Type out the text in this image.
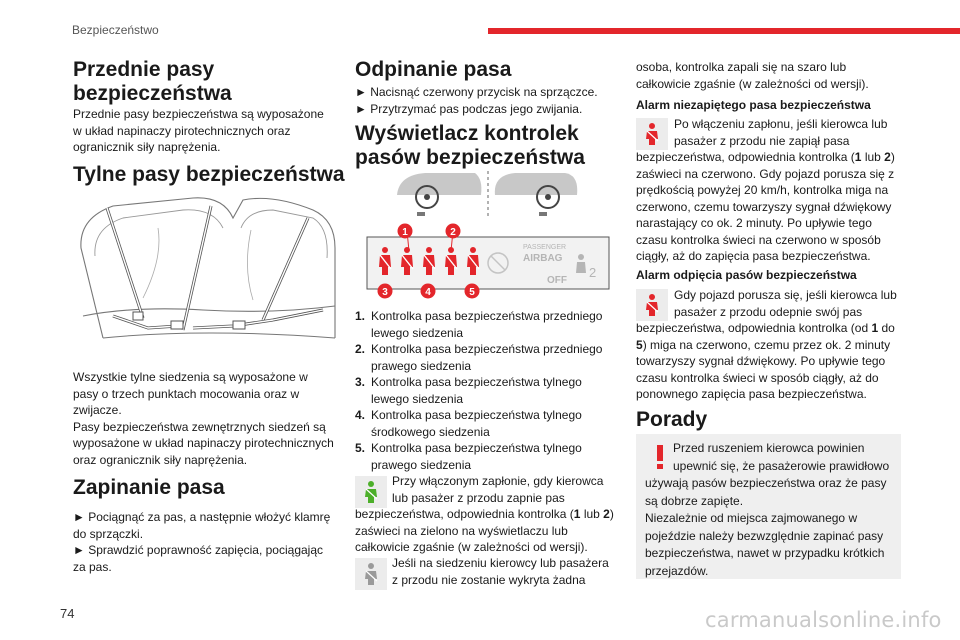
Bezpieczeństwo
Przednie pasy
bezpieczeństwa

Przednie pasy bezpieczeństwa są wyposażone

w układ napinaczy pirotechnicznych oraz

ogranicznik siły naprężenia.

Tylne pasy bezpieczeństwa

Wszystkie tylne siedzenia są wyposażone w

pasy o trzech punktach mocowania oraz w

zwijacze.

Pasy bezpieczeństwa zewnętrznych siedzeń są

wyposażone w układ napinaczy pirotechnicznych

oraz ogranicznik siły naprężenia.

Zapinanie pasa

► Pociągnąć za pas, a następnie włożyć klamrę

do sprzączki.

► Sprawdzić poprawność zapięcia, pociągając

za pas.

Odpinanie pasa

► Nacisnąć czerwony przycisk na sprzączce.

► Przytrzymać pas podczas jego zwijania.

Wyświetlacz kontrolek
pasów bezpieczeństwa
PASSENGER
AIRBAG
OFF
2
1	2
3	4	5
1. Kontrolka pasa bezpieczeństwa przedniego
lewego siedzenia
2. Kontrolka pasa bezpieczeństwa przedniego
prawego siedzenia
3. Kontrolka pasa bezpieczeństwa tylnego
lewego siedzenia
4. Kontrolka pasa bezpieczeństwa tylnego
środkowego siedzenia
5. Kontrolka pasa bezpieczeństwa tylnego
prawego siedzenia

Przy włączonym zapłonie, gdy kierowca

lub pasażer z przodu zapnie pas

bezpieczeństwa, odpowiednia kontrolka (1 lub 2)

zaświeci na zielono na wyświetlaczu lub

całkowicie zgaśnie (w zależności od wersji).

Jeśli na siedzeniu kierowcy lub pasażera

z przodu nie zostanie wykryta żadna

osoba, kontrolka zapali się na szaro lub

całkowicie zgaśnie (w zależności od wersji).

Alarm niezapiętego pasa bezpieczeństwa

Po włączeniu zapłonu, jeśli kierowca lub

pasażer z przodu nie zapiął pasa

bezpieczeństwa, odpowiednia kontrolka (1 lub 2)

zaświeci na czerwono. Gdy pojazd porusza się z

prędkością powyżej 20 km/h, kontrolka miga na

czerwono, czemu towarzyszy sygnał dźwiękowy

narastający co ok. 2 minuty. Po upływie tego

czasu kontrolka świeci na czerwono w sposób

ciągły, aż do zapięcia pasa bezpieczeństwa.

Alarm odpięcia pasów bezpieczeństwa

Gdy pojazd porusza się, jeśli kierowca lub

pasażer z przodu odepnie swój pas

bezpieczeństwa, odpowiednia kontrolka (od 1 do

5) miga na czerwono, czemu przez ok. 2 minuty

towarzyszy sygnał dźwiękowy. Po upływie tego

czasu kontrolka świeci w sposób ciągły, aż do

ponownego zapięcia pasa bezpieczeństwa.

Porady

Przed ruszeniem kierowca powinien

upewnić się, że pasażerowie prawidłowo

używają pasów bezpieczeństwa oraz że pasy

są dobrze zapięte.

Niezależnie od miejsca zajmowanego w

pojeździe należy bezwzględnie zapinać pasy

bezpieczeństwa, nawet w przypadku krótkich

przejazdów.

74	carmanualsonline.info
